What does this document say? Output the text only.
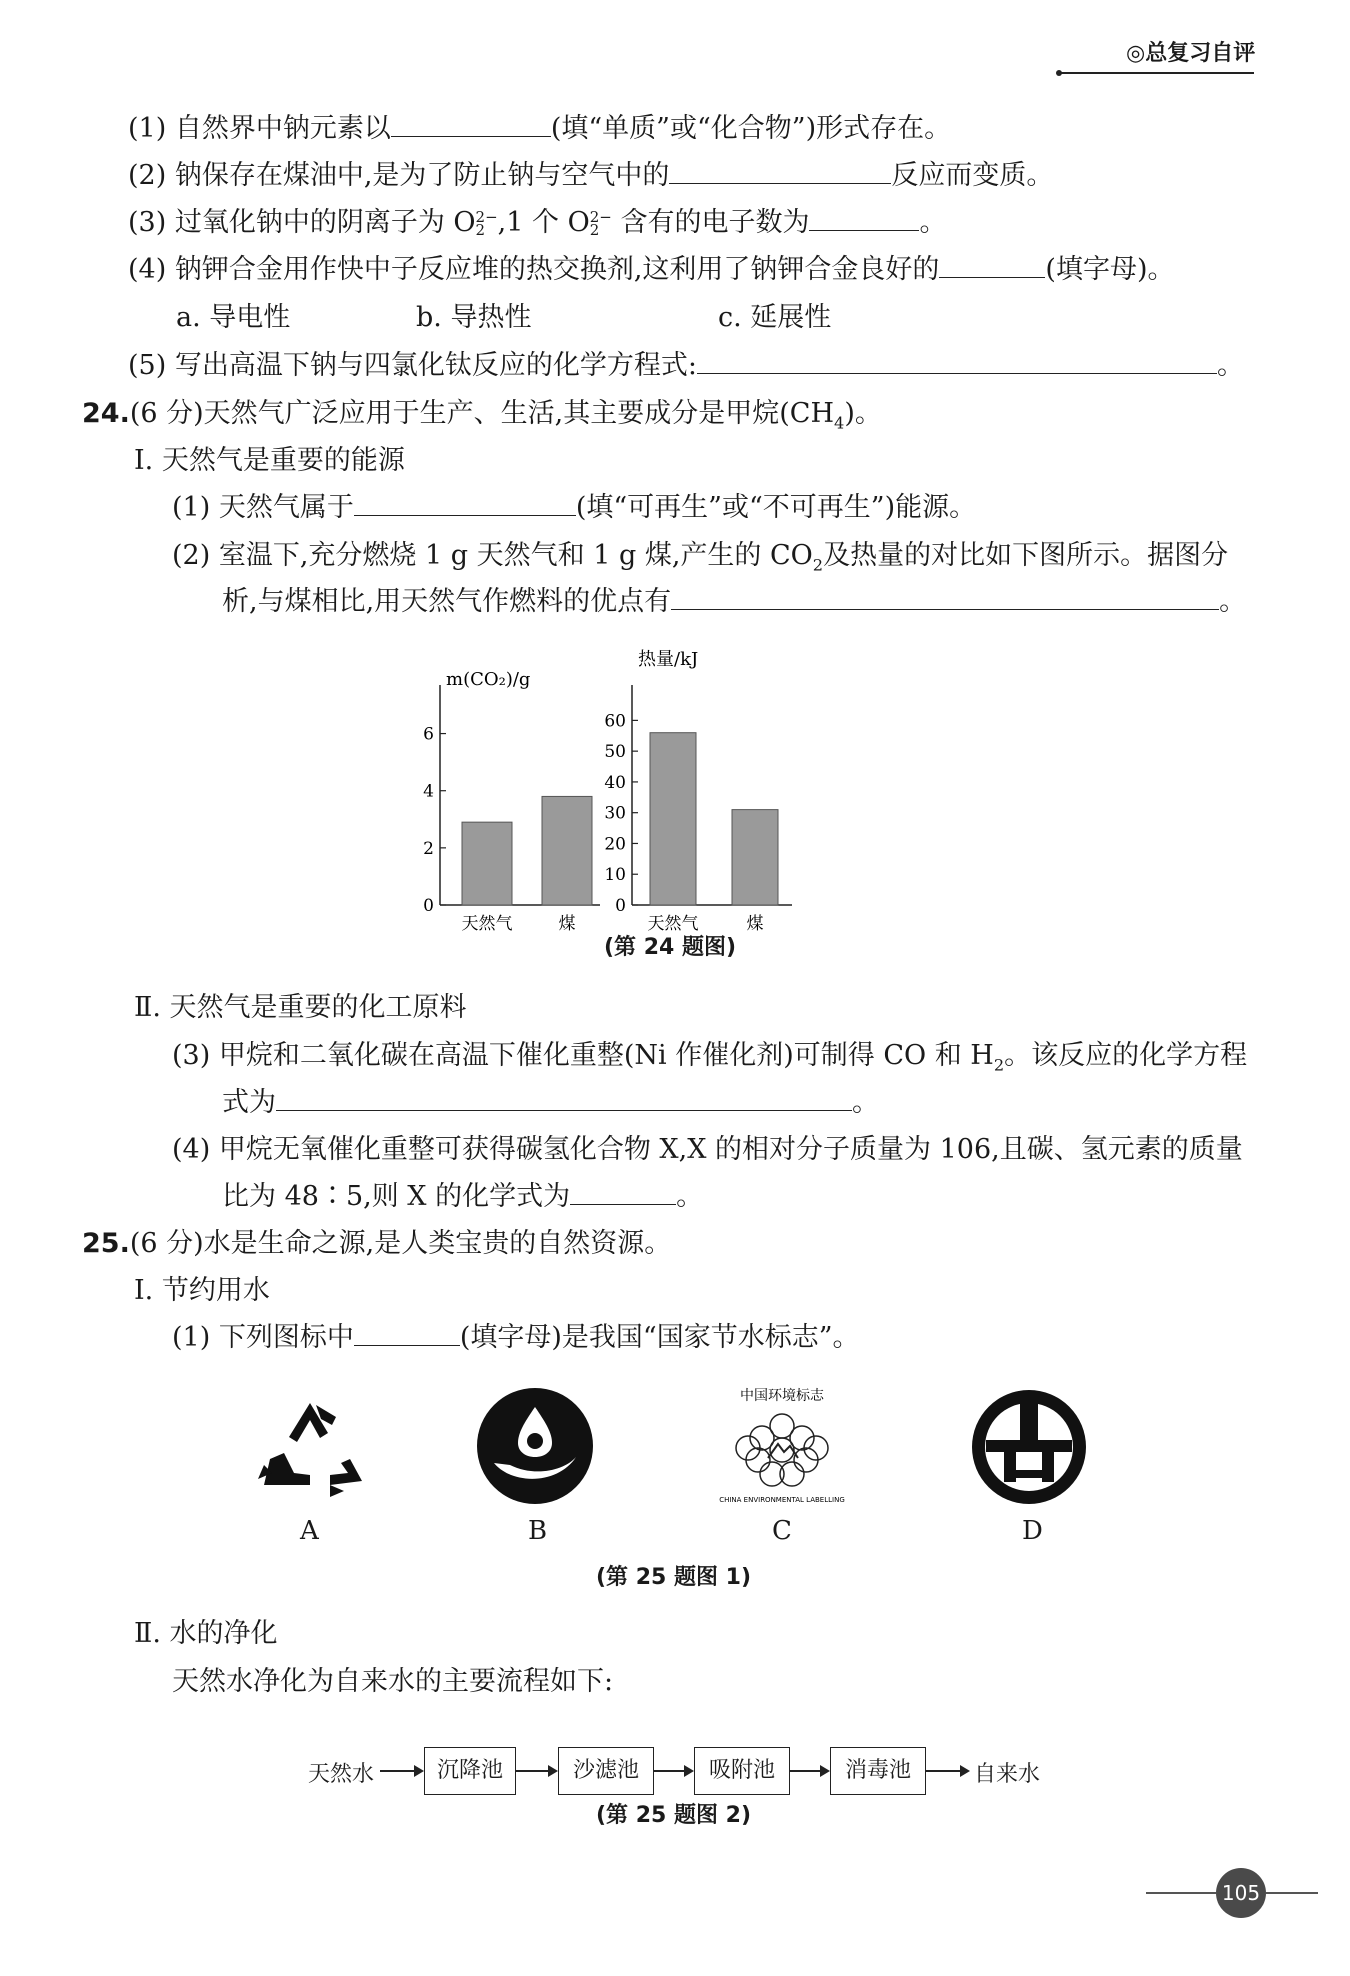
◎总复习自评
(1) 自然界中钠元素以	(填“单质”或“化合物”)形式存在。
(2) 钠保存在煤油中,是为了防止钠与空气中的	反应而变质。
(3) 过氧化钠中的阴离子为 O 2−
2 ,1 个 O 2−
2 含有的电子数为	。
(4) 钠钾合金用作快中子反应堆的热交换剂,这利用了钠钾合金良好的	(填字母)。
a. 导电性	b. 导热性	c. 延展性
(5) 写出高温下钠与四氯化钛反应的化学方程式:	。
24.(6 分)天然气广泛应用于生产、生活,其主要成分是甲烷$(CH_4)$。
Ⅰ. 天然气是重要的能源
(1) 天然气属于	(填“可再生”或“不可再生”)能源。
(2) 室温下,充分燃烧 1 g 天然气和 1 g 煤,产生的 $CO_2$及热量的对比如下图所示。据图分
析,与煤相比,用天然气作燃料的优点有	。
m(CO₂)/g
0
2
4
6
天然气	煤
热量/kJ
0
10
20
30
40
50
60
天然气	煤
(第 24 题图)
Ⅱ. 天然气是重要的化工原料
(3) 甲烷和二氧化碳在高温下催化重整(Ni 作催化剂)可制得 CO 和 $H_2$。该反应的化学方程
式为	。
(4) 甲烷无氧催化重整可获得碳氢化合物 X,X 的相对分子质量为 106,且碳、氢元素的质量
比为 48∶5,则 X 的化学式为	。
25.(6 分)水是生命之源,是人类宝贵的自然资源。
Ⅰ. 节约用水
(1) 下列图标中	(填字母)是我国“国家节水标志”。
A	B
中国环境标志
CHINA ENVIRONMENTAL LABELLING
C	D
(第 25 题图 1)
Ⅱ. 水的净化
天然水净化为自来水的主要流程如下:
天然水	沉降池	沙滤池	吸附池	消毒池	自来水
(第 25 题图 2)
105
